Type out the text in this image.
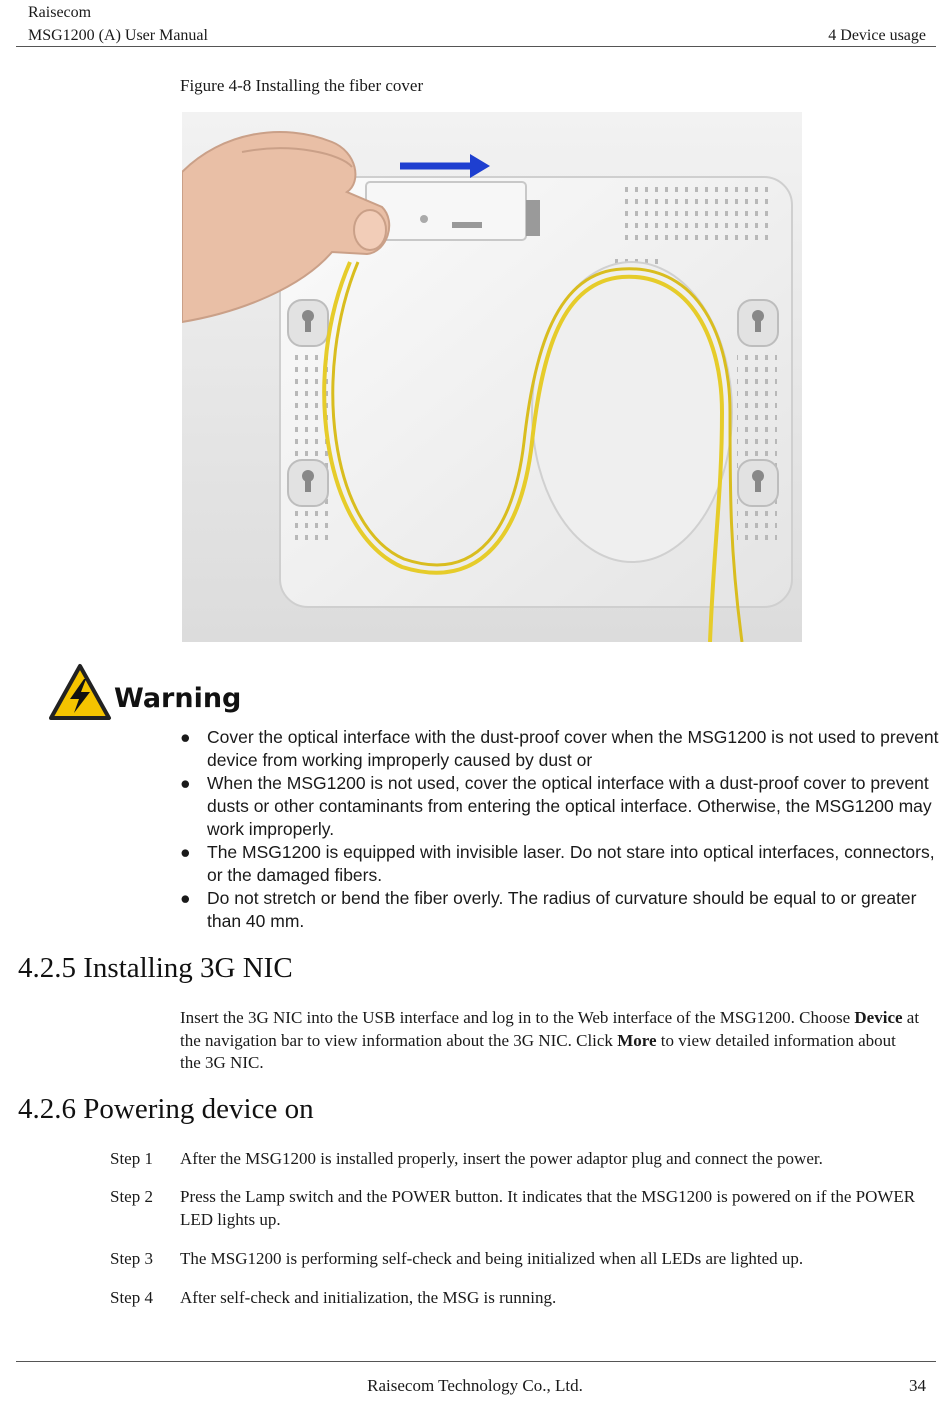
Raisecom
MSG1200 (A) User Manual	4 Device usage
Figure 4-8 Installing the fiber cover
Warning
● Cover the optical interface with the dust-proof cover when the MSG1200 is not used to prevent device from working improperly caused by dust or
● When the MSG1200 is not used, cover the optical interface with a dust-proof cover to prevent dusts or other contaminants from entering the optical interface. Otherwise, the MSG1200 may work improperly.
● The MSG1200 is equipped with invisible laser. Do not stare into optical interfaces, connectors, or the damaged fibers.
● Do not stretch or bend the fiber overly. The radius of curvature should be equal to or greater than 40 mm.
4.2.5 Installing 3G NIC

Insert the 3G NIC into the USB interface and log in to the Web interface of the MSG1200. Choose Device at the navigation bar to view information about the 3G NIC. Click More to view detailed information about the 3G NIC.

4.2.6 Powering device on
Step 1	After the MSG1200 is installed properly, insert the power adaptor plug and connect the power.
Step 2	Press the Lamp switch and the POWER button. It indicates that the MSG1200 is powered on if the POWER LED lights up.
Step 3	The MSG1200 is performing self-check and being initialized when all LEDs are lighted up.
Step 4	After self-check and initialization, the MSG is running.
Raisecom Technology Co., Ltd.	34
